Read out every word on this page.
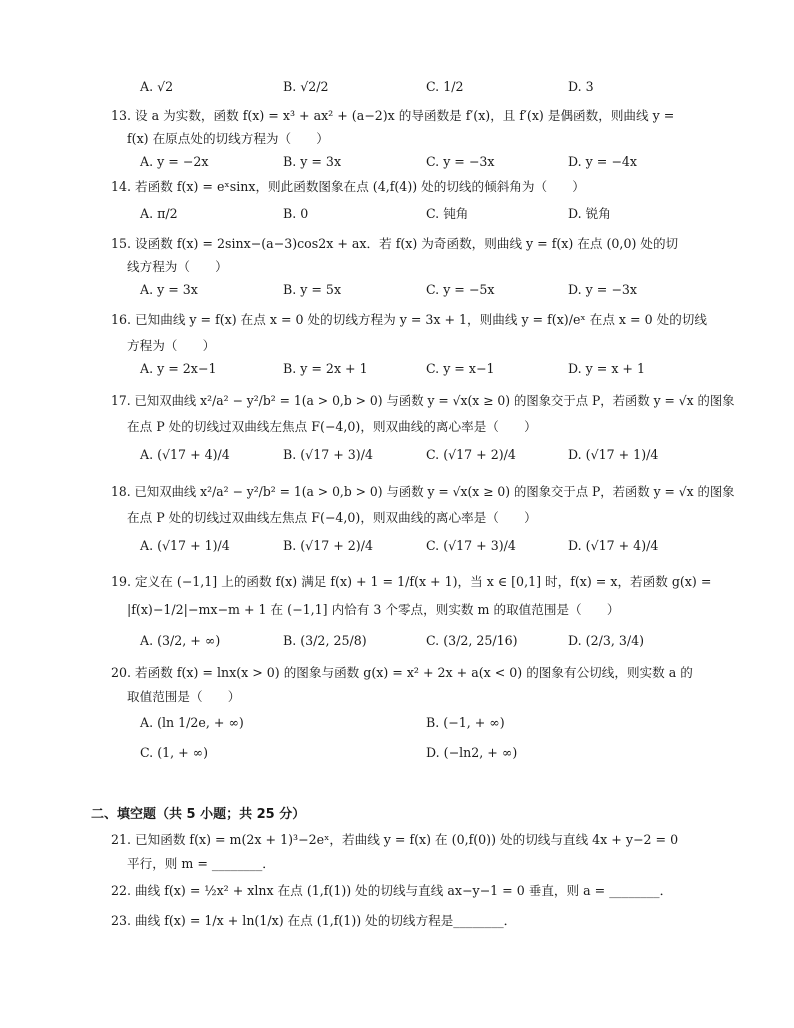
A. √2	B. √2/2	C. 1/2	D. 3
13. 设 a 为实数，函数 f(x) = x³ + ax² + (a−2)x 的导函数是 f′(x)，且 f′(x) 是偶函数，则曲线 y =
f(x) 在原点处的切线方程为（　　）
A. y = −2x	B. y = 3x	C. y = −3x	D. y = −4x
14. 若函数 f(x) = eˣsinx，则此函数图象在点 (4,f(4)) 处的切线的倾斜角为（　　）
A. π/2	B. 0	C. 钝角	D. 锐角
15. 设函数 f(x) = 2sinx−(a−3)cos2x + ax．若 f(x) 为奇函数，则曲线 y = f(x) 在点 (0,0) 处的切
线方程为（　　）
A. y = 3x	B. y = 5x	C. y = −5x	D. y = −3x
16. 已知曲线 y = f(x) 在点 x = 0 处的切线方程为 y = 3x + 1，则曲线 y = f(x)/eˣ 在点 x = 0 处的切线
方程为（　　）
A. y = 2x−1	B. y = 2x + 1	C. y = x−1	D. y = x + 1
17. 已知双曲线 x²/a² − y²/b² = 1(a > 0,b > 0) 与函数 y = √x(x ≥ 0) 的图象交于点 P，若函数 y = √x 的图象
在点 P 处的切线过双曲线左焦点 F(−4,0)，则双曲线的离心率是（　　）
A. (√17 + 4)/4	B. (√17 + 3)/4	C. (√17 + 2)/4	D. (√17 + 1)/4
18. 已知双曲线 x²/a² − y²/b² = 1(a > 0,b > 0) 与函数 y = √x(x ≥ 0) 的图象交于点 P，若函数 y = √x 的图象
在点 P 处的切线过双曲线左焦点 F(−4,0)，则双曲线的离心率是（　　）
A. (√17 + 1)/4	B. (√17 + 2)/4	C. (√17 + 3)/4	D. (√17 + 4)/4
19. 定义在 (−1,1] 上的函数 f(x) 满足 f(x) + 1 = 1/f(x + 1)，当 x ∈ [0,1] 时，f(x) = x，若函数 g(x) =
|f(x)−1/2|−mx−m + 1 在 (−1,1] 内恰有 3 个零点，则实数 m 的取值范围是（　　）
A. (3/2, + ∞)	B. (3/2, 25/8)	C. (3/2, 25/16)	D. (2/3, 3/4)
20. 若函数 f(x) = lnx(x > 0) 的图象与函数 g(x) = x² + 2x + a(x < 0) 的图象有公切线，则实数 a 的
取值范围是（　　）
A. (ln 1/2e, + ∞)	B. (−1, + ∞)
C. (1, + ∞)	D. (−ln2, + ∞)
二、填空题（共 5 小题；共 25 分）
21. 已知函数 f(x) = m(2x + 1)³−2eˣ，若曲线 y = f(x) 在 (0,f(0)) 处的切线与直线 4x + y−2 = 0
平行，则 m = ________．
22. 曲线 f(x) = ½x² + xlnx 在点 (1,f(1)) 处的切线与直线 ax−y−1 = 0 垂直，则 a = ________．
23. 曲线 f(x) = 1/x + ln(1/x) 在点 (1,f(1)) 处的切线方程是________．
